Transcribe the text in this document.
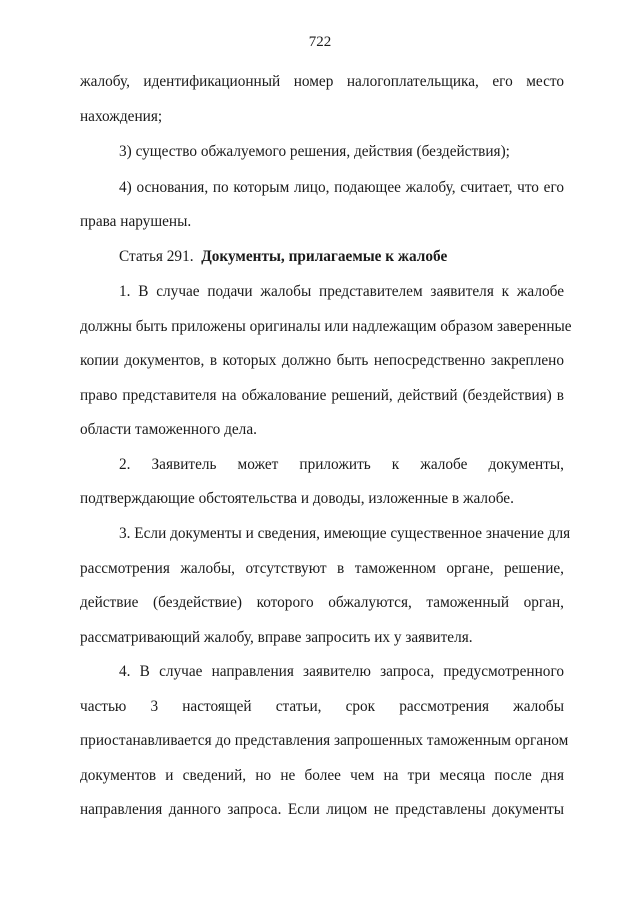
722
жалобу, идентификационный номер налогоплательщика, его место
нахождения;
3) существо обжалуемого решения, действия (бездействия);
4) основания, по которым лицо, подающее жалобу, считает, что его
права нарушены.
Статья 291. Документы, прилагаемые к жалобе
1. В случае подачи жалобы представителем заявителя к жалобе
должны быть приложены оригиналы или надлежащим образом заверенные
копии документов, в которых должно быть непосредственно закреплено
право представителя на обжалование решений, действий (бездействия) в
области таможенного дела.
2. Заявитель может приложить к жалобе документы,
подтверждающие обстоятельства и доводы, изложенные в жалобе.
3. Если документы и сведения, имеющие существенное значение для
рассмотрения жалобы, отсутствуют в таможенном органе, решение,
действие (бездействие) которого обжалуются, таможенный орган,
рассматривающий жалобу, вправе запросить их у заявителя.
4. В случае направления заявителю запроса, предусмотренного
частью 3 настоящей статьи, срок рассмотрения жалобы
приостанавливается до представления запрошенных таможенным органом
документов и сведений, но не более чем на три месяца после дня
направления данного запроса. Если лицом не представлены документы
